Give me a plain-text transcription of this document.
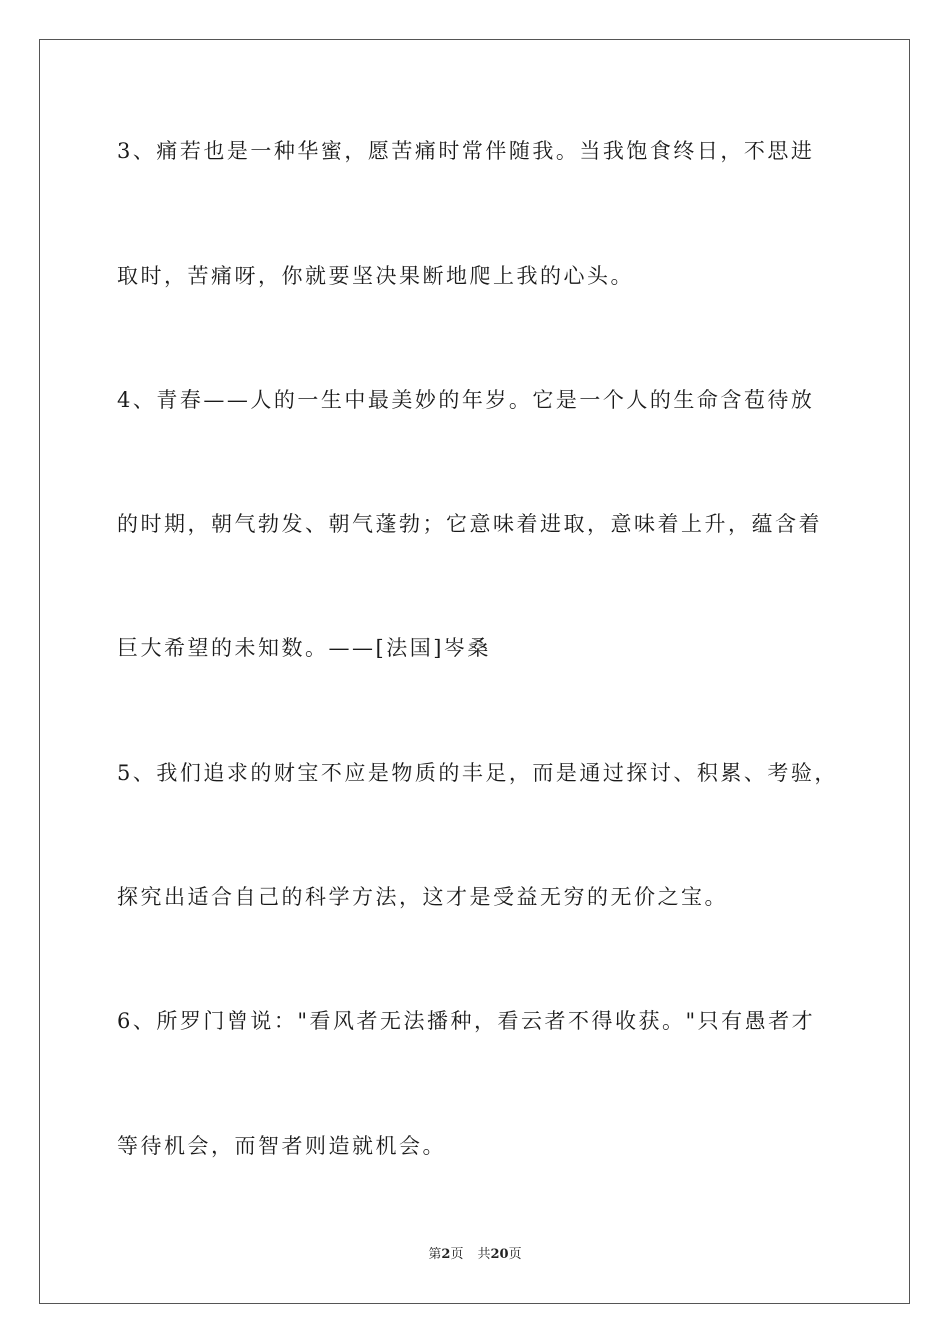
3、痛若也是一种华蜜，愿苦痛时常伴随我。当我饱食终日，不思进
取时，苦痛呀，你就要坚决果断地爬上我的心头。
4、青春——人的一生中最美妙的年岁。它是一个人的生命含苞待放
的时期，朝气勃发、朝气蓬勃；它意味着进取，意味着上升，蕴含着
巨大希望的未知数。——[法国]岑桑
5、我们追求的财宝不应是物质的丰足，而是通过探讨、积累、考验，
探究出适合自己的科学方法，这才是受益无穷的无价之宝。
6、所罗门曾说："看风者无法播种，看云者不得收获。"只有愚者才
等待机会，而智者则造就机会。
第2页 共20页
